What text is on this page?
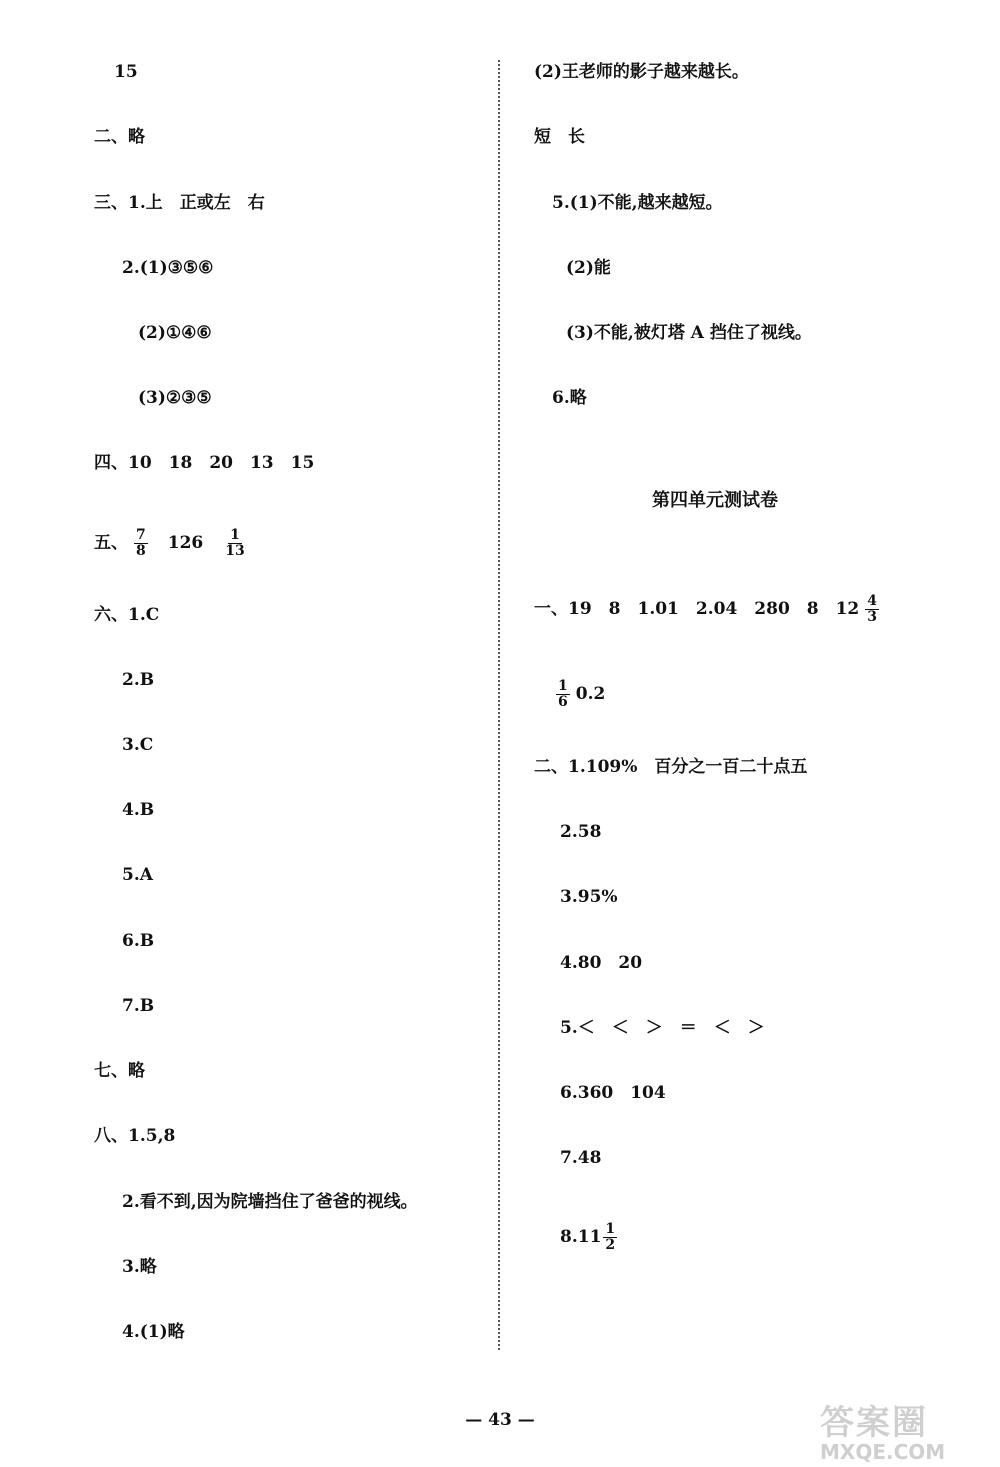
15
二、略
三、1.上　正或左　右
2.(1)③⑤⑥
(2)①④⑥
(3)②③⑤
四、10　18　20　13　15
五、 $\frac{7}{8} 126 \frac{1}{13}$
六、1.C
2.B
3.C
4.B
5.A
6.B
7.B
七、略
八、1.5,8
2.看不到,因为院墙挡住了爸爸的视线。
3.略
4.(1)略
(2)王老师的影子越来越长。
短　长
5.(1)不能,越来越短。
(2)能
(3)不能,被灯塔 A 挡住了视线。
6.略
第四单元测试卷
一、19　8　1.01　2.04　280　8　$12 \frac{4}{3}$
$\frac{1}{6} 0.2$
二、1.109%　百分之一百二十点五
2.58
3.95%
4.80　20
5.＜　＜　＞　＝　＜　＞
6.360　104
7.48
$8.11 \frac{1}{2}$
— 43 —	答案圈
MXQE.COM
